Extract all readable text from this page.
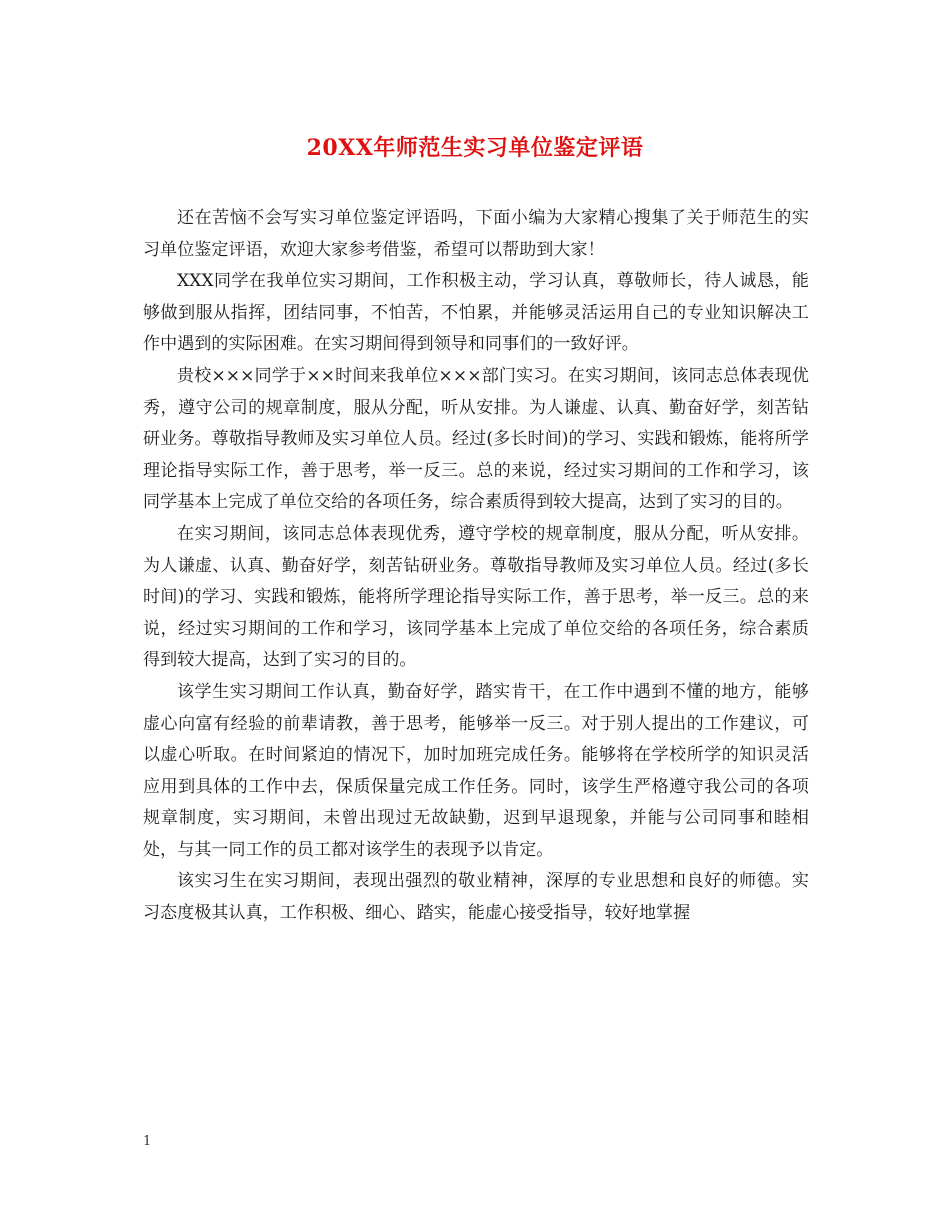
20XX年师范生实习单位鉴定评语

还在苦恼不会写实习单位鉴定评语吗，下面小编为大家精心搜集了关于师范生的实习单位鉴定评语，欢迎大家参考借鉴，希望可以帮助到大家！

XXX同学在我单位实习期间，工作积极主动，学习认真，尊敬师长，待人诚恳，能够做到服从指挥，团结同事，不怕苦，不怕累，并能够灵活运用自己的专业知识解决工作中遇到的实际困难。在实习期间得到领导和同事们的一致好评。

贵校×××同学于××时间来我单位×××部门实习。在实习期间，该同志总体表现优秀，遵守公司的规章制度，服从分配，听从安排。为人谦虚、认真、勤奋好学，刻苦钻研业务。尊敬指导教师及实习单位人员。经过(多长时间)的学习、实践和锻炼，能将所学理论指导实际工作，善于思考，举一反三。总的来说，经过实习期间的工作和学习，该同学基本上完成了单位交给的各项任务，综合素质得到较大提高，达到了实习的目的。

在实习期间，该同志总体表现优秀，遵守学校的规章制度，服从分配，听从安排。为人谦虚、认真、勤奋好学，刻苦钻研业务。尊敬指导教师及实习单位人员。经过(多长时间)的学习、实践和锻炼，能将所学理论指导实际工作，善于思考，举一反三。总的来说，经过实习期间的工作和学习，该同学基本上完成了单位交给的各项任务，综合素质得到较大提高，达到了实习的目的。

该学生实习期间工作认真，勤奋好学，踏实肯干，在工作中遇到不懂的地方，能够虚心向富有经验的前辈请教，善于思考，能够举一反三。对于别人提出的工作建议，可以虚心听取。在时间紧迫的情况下，加时加班完成任务。能够将在学校所学的知识灵活应用到具体的工作中去，保质保量完成工作任务。同时，该学生严格遵守我公司的各项规章制度，实习期间，未曾出现过无故缺勤，迟到早退现象，并能与公司同事和睦相处，与其一同工作的员工都对该学生的表现予以肯定。

该实习生在实习期间，表现出强烈的敬业精神，深厚的专业思想和良好的师德。实习态度极其认真，工作积极、细心、踏实，能虚心接受指导，较好地掌握

1
